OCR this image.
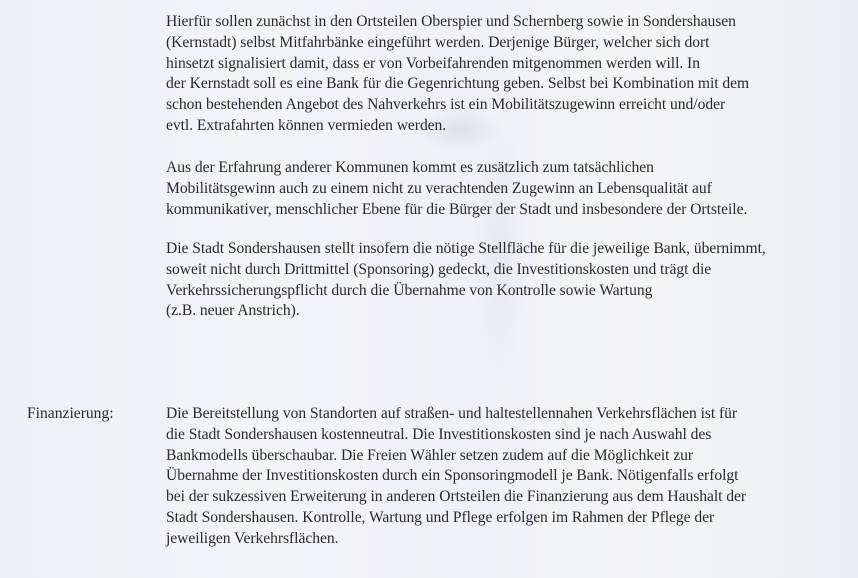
Hierfür sollen zunächst in den Ortsteilen Oberspier und Schernberg sowie in Sondershausen
(Kernstadt) selbst Mitfahrbänke eingeführt werden. Derjenige Bürger, welcher sich dort
hinsetzt signalisiert damit, dass er von Vorbeifahrenden mitgenommen werden will. In
der Kernstadt soll es eine Bank für die Gegenrichtung geben. Selbst bei Kombination mit dem
schon bestehenden Angebot des Nahverkehrs ist ein Mobilitätszugewinn erreicht und/oder
evtl. Extrafahrten können vermieden werden.

Aus der Erfahrung anderer Kommunen kommt es zusätzlich zum tatsächlichen
Mobilitätsgewinn auch zu einem nicht zu verachtenden Zugewinn an Lebensqualität auf
kommunikativer, menschlicher Ebene für die Bürger der Stadt und insbesondere der Ortsteile.

Die Stadt Sondershausen stellt insofern die nötige Stellfläche für die jeweilige Bank, übernimmt,
soweit nicht durch Drittmittel (Sponsoring) gedeckt, die Investitionskosten und trägt die
Verkehrssicherungspflicht durch die Übernahme von Kontrolle sowie Wartung
(z.B. neuer Anstrich).

Finanzierung:	Die Bereitstellung von Standorten auf straßen- und haltestellennahen Verkehrsflächen ist für
die Stadt Sondershausen kostenneutral. Die Investitionskosten sind je nach Auswahl des
Bankmodells überschaubar. Die Freien Wähler setzen zudem auf die Möglichkeit zur
Übernahme der Investitionskosten durch ein Sponsoringmodell je Bank. Nötigenfalls erfolgt
bei der sukzessiven Erweiterung in anderen Ortsteilen die Finanzierung aus dem Haushalt der
Stadt Sondershausen. Kontrolle, Wartung und Pflege erfolgen im Rahmen der Pflege der
jeweiligen Verkehrsflächen.
